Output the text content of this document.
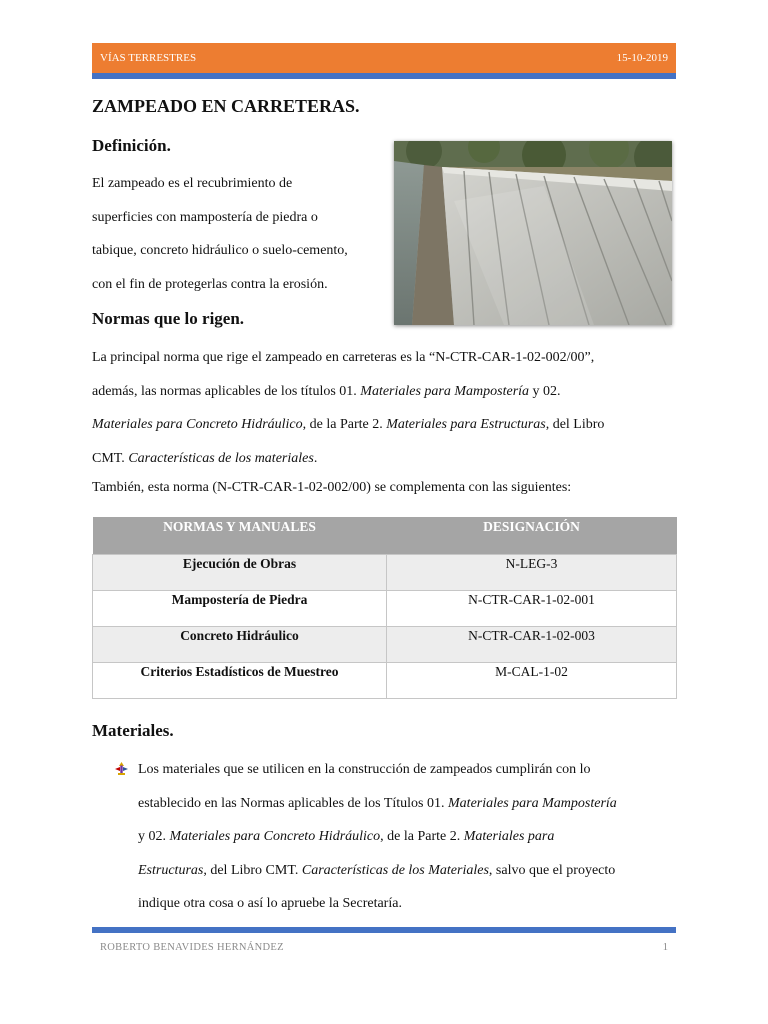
VÍAS TERRESTRES	15-10-2019
ZAMPEADO EN CARRETERAS.
Definición.
El zampeado es el recubrimiento de
superficies con mampostería de piedra o
tabique, concreto hidráulico o suelo-cemento,
con el fin de protegerlas contra la erosión.
Normas que lo rigen.
La principal norma que rige el zampeado en carreteras es la “N-CTR-CAR-1-02-002/00”,
además, las normas aplicables de los títulos 01. Materiales para Mampostería y 02.
Materiales para Concreto Hidráulico, de la Parte 2. Materiales para Estructuras, del Libro
CMT. Características de los materiales.
También, esta norma (N-CTR-CAR-1-02-002/00) se complementa con las siguientes:
NORMAS Y MANUALES	DESIGNACIÓN
Ejecución de Obras	N-LEG-3
Mampostería de Piedra	N-CTR-CAR-1-02-001
Concreto Hidráulico	N-CTR-CAR-1-02-003
Criterios Estadísticos de Muestreo	M-CAL-1-02
Materiales.
Los materiales que se utilicen en la construcción de zampeados cumplirán con lo
establecido en las Normas aplicables de los Títulos 01. Materiales para Mampostería
y 02. Materiales para Concreto Hidráulico, de la Parte 2. Materiales para
Estructuras, del Libro CMT. Características de los Materiales, salvo que el proyecto
indique otra cosa o así lo apruebe la Secretaría.
ROBERTO BENAVIDES HERNÁNDEZ	1
